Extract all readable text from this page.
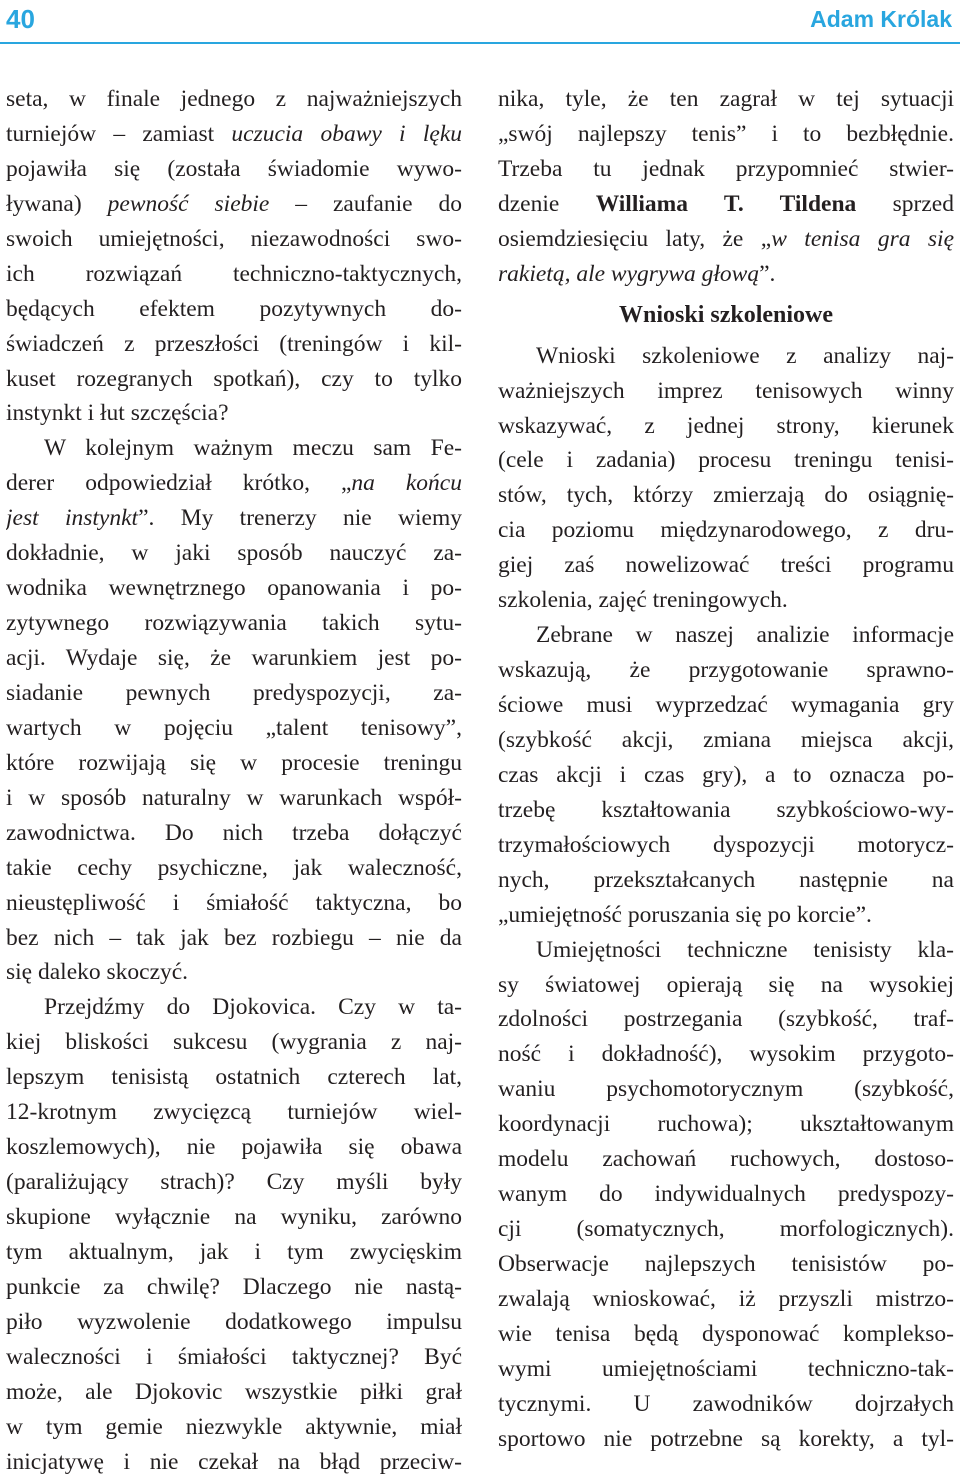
40	Adam Królak
seta, w finale jednego z najważniejszych
turniejów – zamiast uczucia obawy i lęku
pojawiła się (została świadomie wywo-
ływana) pewność siebie – zaufanie do
swoich umiejętności, niezawodności swo-
ich rozwiązań techniczno-taktycznych,
będących efektem pozytywnych do-
świadczeń z przeszłości (treningów i kil-
kuset rozegranych spotkań), czy to tylko
instynkt i łut szczęścia?
W kolejnym ważnym meczu sam Fe-
derer odpowiedział krótko, „na końcu
jest instynkt”. My trenerzy nie wiemy
dokładnie, w jaki sposób nauczyć za-
wodnika wewnętrznego opanowania i po-
zytywnego rozwiązywania takich sytu-
acji. Wydaje się, że warunkiem jest po-
siadanie pewnych predyspozycji, za-
wartych w pojęciu „talent tenisowy”,
które rozwijają się w procesie treningu
i w sposób naturalny w warunkach współ-
zawodnictwa. Do nich trzeba dołączyć
takie cechy psychiczne, jak waleczność,
nieustępliwość i śmiałość taktyczna, bo
bez nich – tak jak bez rozbiegu – nie da
się daleko skoczyć.
Przejdźmy do Djokovica. Czy w ta-
kiej bliskości sukcesu (wygrania z naj-
lepszym tenisistą ostatnich czterech lat,
12-krotnym zwycięzcą turniejów wiel-
koszlemowych), nie pojawiła się obawa
(paraliżujący strach)? Czy myśli były
skupione wyłącznie na wyniku, zarówno
tym aktualnym, jak i tym zwycięskim
punkcie za chwilę? Dlaczego nie nastą-
piło wyzwolenie dodatkowego impulsu
waleczności i śmiałości taktycznej? Być
może, ale Djokovic wszystkie piłki grał
w tym gemie niezwykle aktywnie, miał
inicjatywę i nie czekał na błąd przeciw-
nika, tyle, że ten zagrał w tej sytuacji
„swój najlepszy tenis” i to bezbłędnie.
Trzeba tu jednak przypomnieć stwier-
dzenie Williama T. Tildena sprzed
osiemdziesięciu laty, że „w tenisa gra się
rakietą, ale wygrywa głową”.
Wnioski szkoleniowe
Wnioski szkoleniowe z analizy naj-
ważniejszych imprez tenisowych winny
wskazywać, z jednej strony, kierunek
(cele i zadania) procesu treningu tenisi-
stów, tych, którzy zmierzają do osiągnię-
cia poziomu międzynarodowego, z dru-
giej zaś nowelizować treści programu
szkolenia, zajęć treningowych.
Zebrane w naszej analizie informacje
wskazują, że przygotowanie sprawno-
ściowe musi wyprzedzać wymagania gry
(szybkość akcji, zmiana miejsca akcji,
czas akcji i czas gry), a to oznacza po-
trzebę kształtowania szybkościowo-wy-
trzymałościowych dyspozycji motorycz-
nych, przekształcanych następnie na
„umiejętność poruszania się po korcie”.
Umiejętności techniczne tenisisty kla-
sy światowej opierają się na wysokiej
zdolności postrzegania (szybkość, traf-
ność i dokładność), wysokim przygoto-
waniu psychomotorycznym (szybkość,
koordynacji ruchowa); ukształtowanym
modelu zachowań ruchowych, dostoso-
wanym do indywidualnych predyspozy-
cji (somatycznych, morfologicznych).
Obserwacje najlepszych tenisistów po-
zwalają wnioskować, iż przyszli mistrzo-
wie tenisa będą dysponować komplekso-
wymi umiejętnościami techniczno-tak-
tycznymi. U zawodników dojrzałych
sportowo nie potrzebne są korekty, a tyl-
